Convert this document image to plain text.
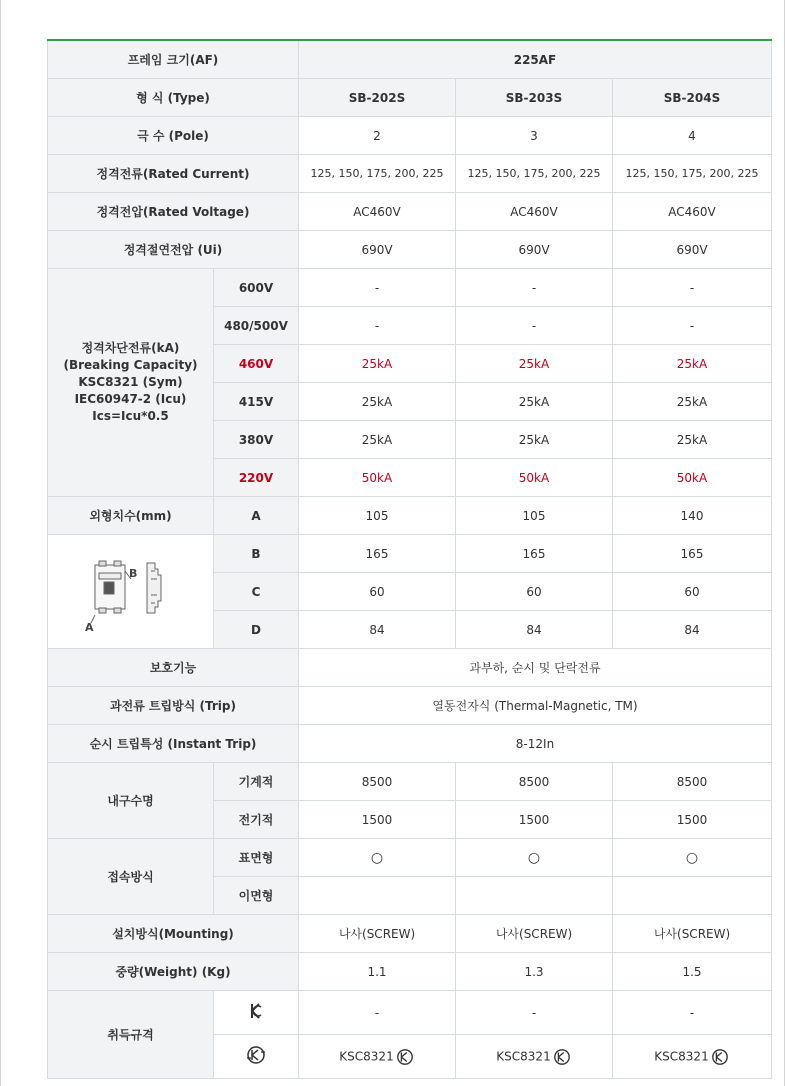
프레임 크기(AF)		225AF		
형 식 (Type)		SB-202S	SB-203S	SB-204S
극 수 (Pole)		2	3	4
정격전류(Rated Current)		125, 150, 175, 200, 225	125, 150, 175, 200, 225	125, 150, 175, 200, 225
정격전압(Rated Voltage)		AC460V	AC460V	AC460V
정격절연전압 (Ui)		690V	690V	690V

정격차단전류(kA)
(Breaking Capacity)
KSC8321 (Sym)
IEC60947-2 (Icu)
Ics=Icu*0.5	600V	-	-	-
	480/500V	-	-	-
	460V	25kA	25kA	25kA
	415V	25kA	25kA	25kA
	380V	25kA	25kA	25kA
	220V	50kA	50kA	50kA
외형치수(mm)	A	105	105	140

A
B	B	165	165	165
	C	60	60	60
	D	84	84	84
보호기능		과부하, 순시 및 단락전류		
과전류 트립방식 (Trip)		열동전자식 (Thermal-Magnetic, TM)		
순시 트립특성 (Instant Trip)		8-12In		
내구수명	기계적	8500	8500	8500
	전기적	1500	1500	1500
접속방식	표면형	○	○	○
	이면형			
설치방식(Mounting)		나사(SCREW)	나사(SCREW)	나사(SCREW)
중량(Weight) (Kg)		1.1	1.3	1.5
취득규격		-	-	-
	KSC8321	KSC8321	KSC8321
